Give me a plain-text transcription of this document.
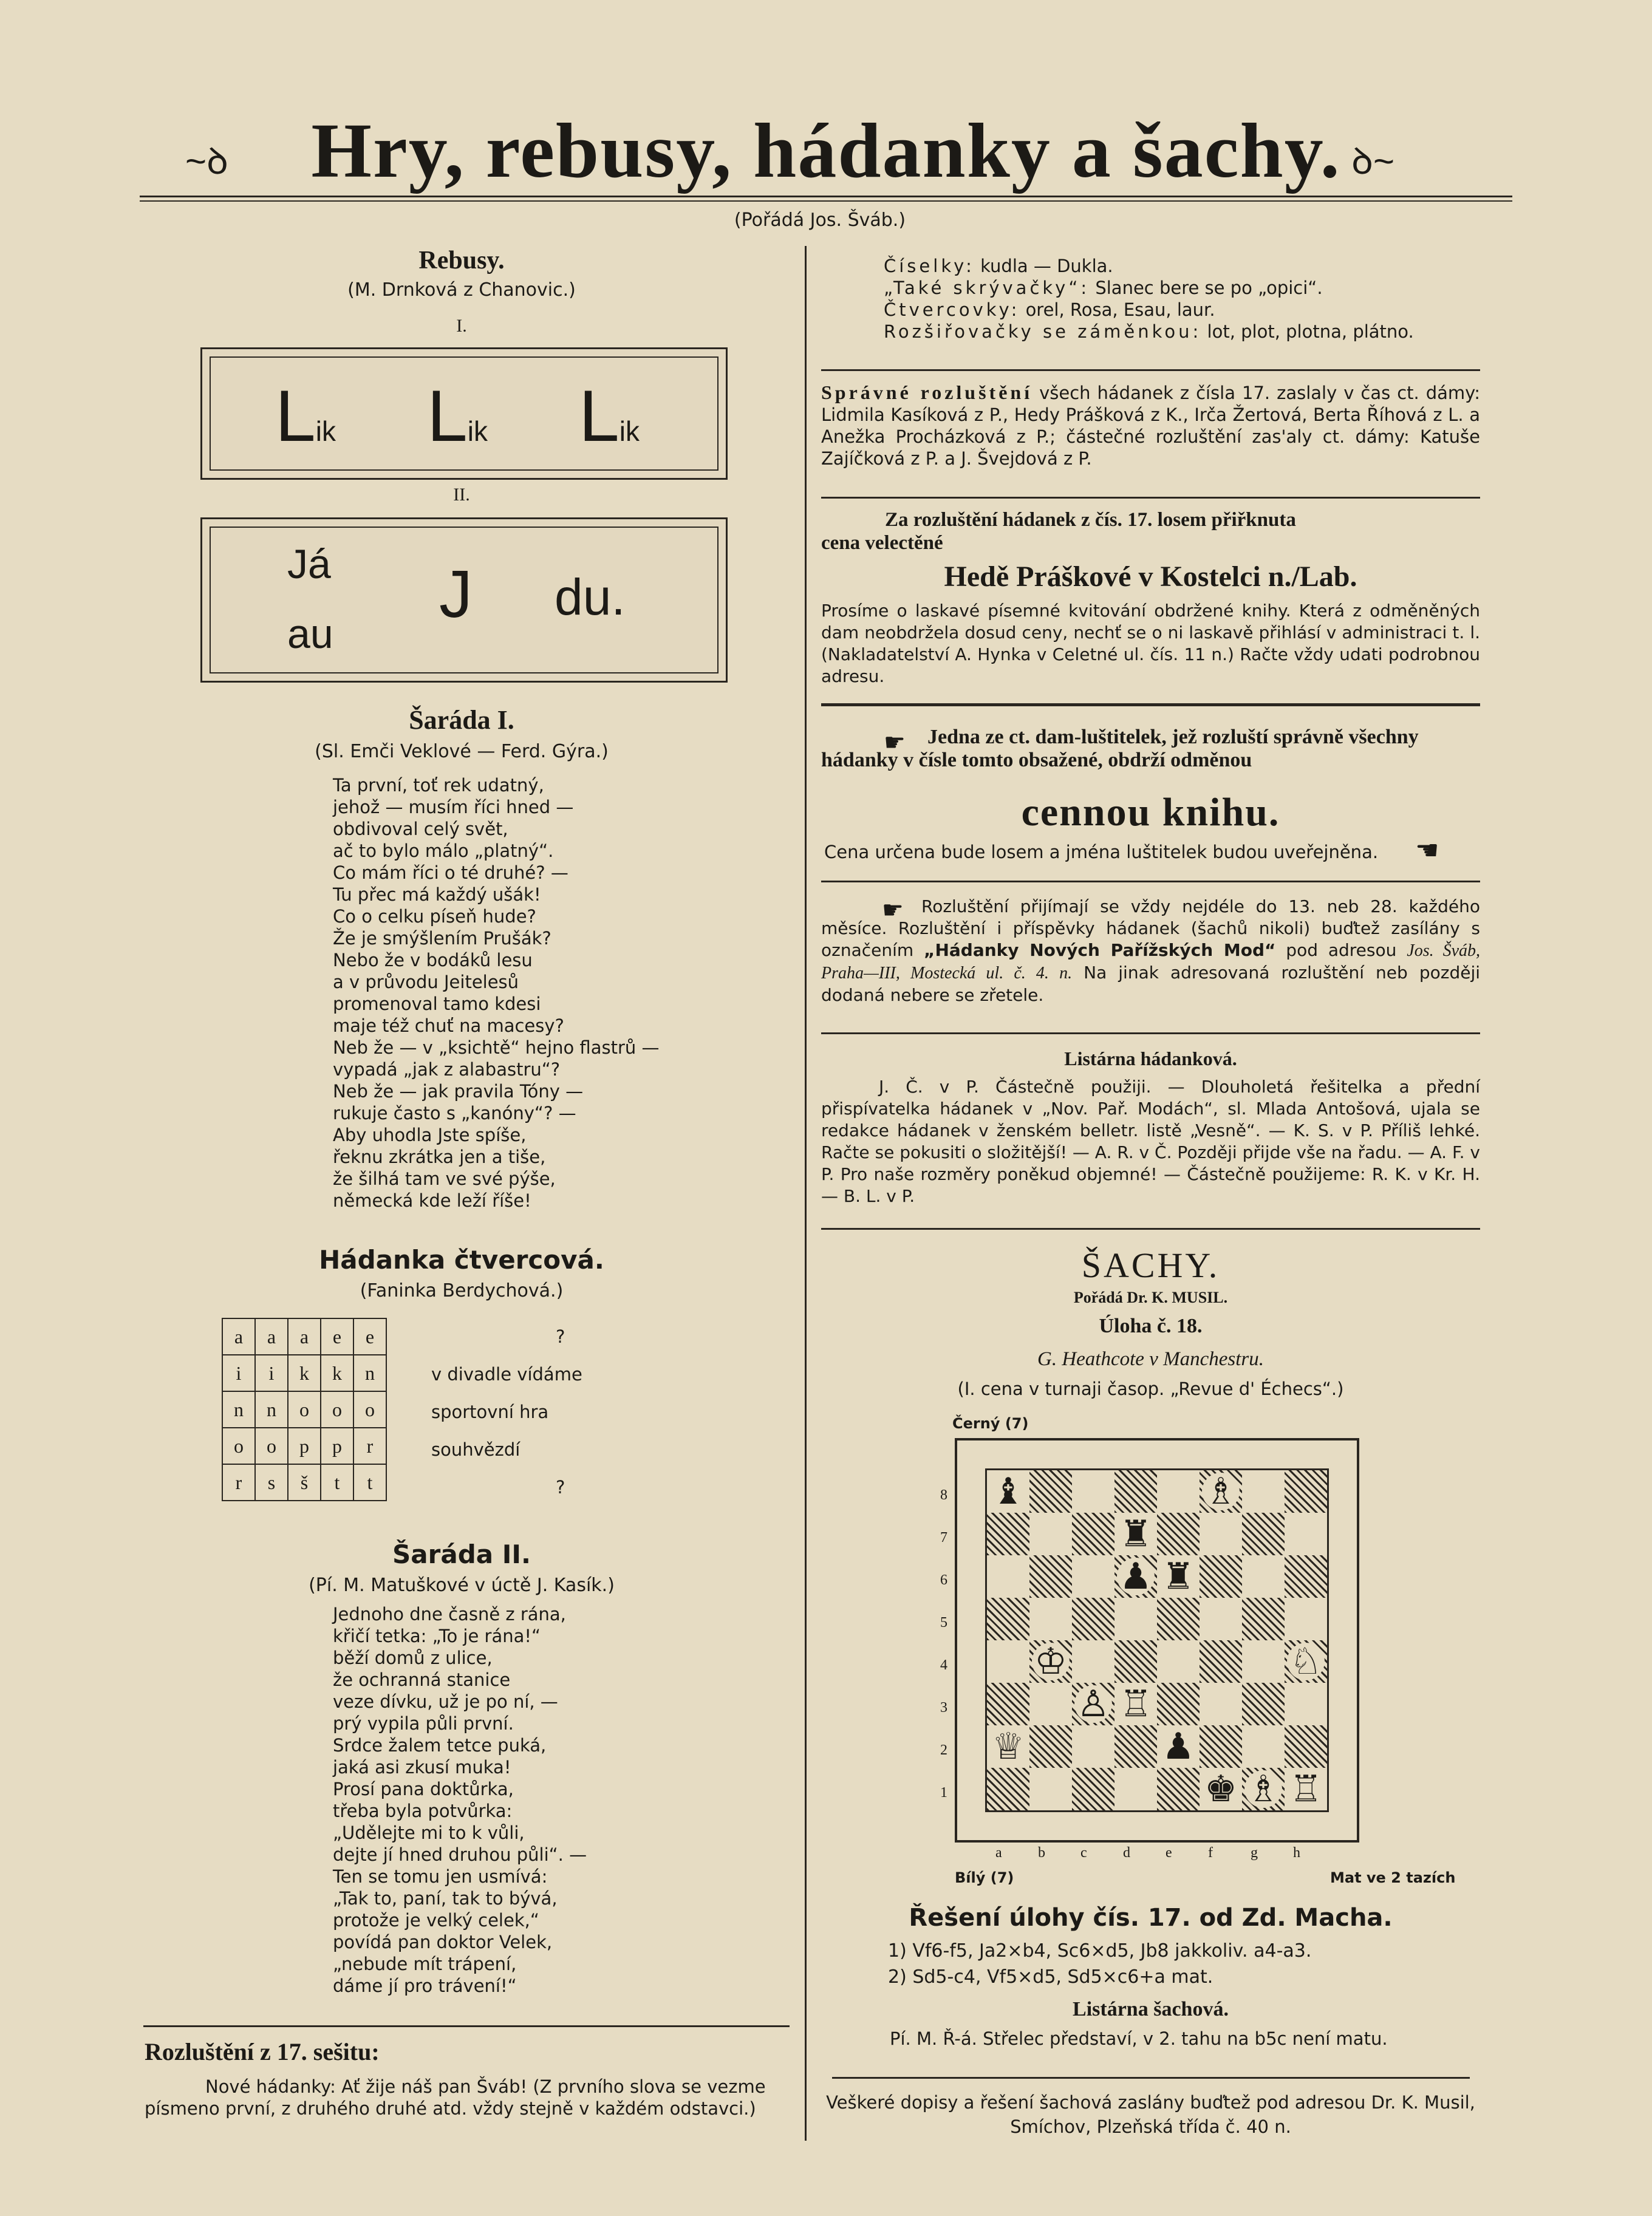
~ꝺ	ꝺ~
Hry, rebusy, hádanky a šachy.
(Pořádá Jos. Šváb.)
Rebusy.
(M. Drnková z Chanovic.)
I.
Lik Lik Lik
II.
Já
au
J du.
Šaráda I.
(Sl. Emči Veklové — Ferd. Gýra.)
Ta první, toť rek udatný,
jehož — musím říci hned —
obdivoval celý svět,
ač to bylo málo „platný“.
Co mám říci o té druhé? —
Tu přec má každý ušák!
Co o celku píseň hude?
Že je smýšlením Prušák?
Nebo že v bodáků lesu
a v průvodu Jeitelesů
promenoval tamo kdesi
maje též chuť na macesy?
Neb že — v „ksichtě“ hejno flastrů —
vypadá „jak z alabastru“?
Neb že — jak pravila Tóny —
rukuje často s „kanóny“? —
Aby uhodla Jste spíše,
řeknu zkrátka jen a tiše,
že šilhá tam ve své pýše,
německá kde leží říše!
Hádanka čtvercová.
(Faninka Berdychová.)
a	a	a	e	e
i	i	k	k	n
n	n	o	o	o
o	o	p	p	r
r	s	š	t	t
?
v divadle vídáme
sportovní hra
souhvězdí
?
Šaráda II.
(Pí. M. Matuškové v úctě J. Kasík.)
Jednoho dne časně z rána,
křičí tetka: „To je rána!“
běží domů z ulice,
že ochranná stanice
veze dívku, už je po ní, —
prý vypila půli první.
Srdce žalem tetce puká,
jaká asi zkusí muka!
Prosí pana doktůrka,
třeba byla potvůrka:
„Udělejte mi to k vůli,
dejte jí hned druhou půli“. —
Ten se tomu jen usmívá:
„Tak to, paní, tak to bývá,
protože je velký celek,“
povídá pan doktor Velek,
„nebude mít trápení,
dáme jí pro trávení!“
Rozluštění z 17. sešitu:
Nové hádanky: Ať žije náš pan Šváb! (Z prvního slova se vezme písmeno první, z druhého druhé atd. vždy stejně v každém odstavci.)
Číselky: kudla — Dukla.
„Také skrývačky“: Slanec bere se po „opici“.
Čtvercovky: orel, Rosa, Esau, laur.
Rozšiřovačky se záměnkou: lot, plot, plotna, plátno.
Správné rozluštění všech hádanek z čísla 17. zaslaly v čas ct. dámy: Lidmila Kasíková z P., Hedy Prášková z K., Irča Žertová, Berta Říhová z L. a Anežka Procházková z P.; částečné rozluštění zas'aly ct. dámy: Katuše Zajíčková z P. a J. Švejdová z P.
Za rozluštění hádanek z čís. 17. losem přiřknuta
cena velectěné
Hedě Práškové v Kostelci n./Lab.
Prosíme o laskavé písemné kvitování obdržené knihy. Která z odměněných dam neobdržela dosud ceny, nechť se o ni laskavě přihlásí v administraci t. l. (Nakladatelství A. Hynka v Celetné ul. čís. 11 n.) Račte vždy udati podrobnou adresu.
☛	Jedna ze ct. dam-luštitelek, jež rozluští správně všechny hádanky v čísle tomto obsažené, obdrží odměnou
cennou knihu.
Cena určena bude losem a jména luštitelek budou uveřejněna. ☛
☛	Rozluštění přijímají se vždy nejdéle do 13. neb 28. každého měsíce. Rozluštění i příspěvky hádanek (šachů nikoli) buďtež zasílány s označením „Hádanky Nových Pařížských Mod“ pod adresou Jos. Šváb, Praha—III, Mostecká ul. č. 4. n. Na jinak adresovaná rozluštění neb později dodaná nebere se zřetele.
Listárna hádanková.
J. Č. v P. Částečně použiji. — Dlouholetá řešitelka a přední přispívatelka hádanek v „Nov. Pař. Modách“, sl. Mlada Antošová, ujala se redakce hádanek v ženském belletr. listě „Vesně“. — K. S. v P. Příliš lehké. Račte se pokusiti o složitější! — A. R. v Č. Později přijde vše na řadu. — A. F. v P. Pro naše rozměry poněkud objemné! — Částečně použijeme: R. K. v Kr. H. — B. L. v P.
ŠACHY.
Pořádá Dr. K. MUSIL.
Úloha č. 18.
G. Heathcote v Manchestru.
(I. cena v turnaji časop. „Revue d' Échecs“.)
Černý (7)
♝	♗
♜
♟ ♜
♔	♘
♙ ♖
♕	♟
♚ ♗ ♖
8
7
6
5
4
3
2
1
a b c d e f	g h
Bílý (7)	Mat ve 2 tazích
Řešení úlohy čís. 17. od Zd. Macha.
1) Vf6-f5, Ja2×b4, Sc6×d5, Jb8 jakkoliv. a4-a3.
2) Sd5-c4, Vf5×d5, Sd5×c6+a mat.
Listárna šachová.
Pí. M. Ř-á. Střelec představí, v 2. tahu na b5c není matu.
Veškeré dopisy a řešení šachová zaslány buďtež pod adresou Dr. K. Musil, Smíchov, Plzeňská třída č. 40 n.
